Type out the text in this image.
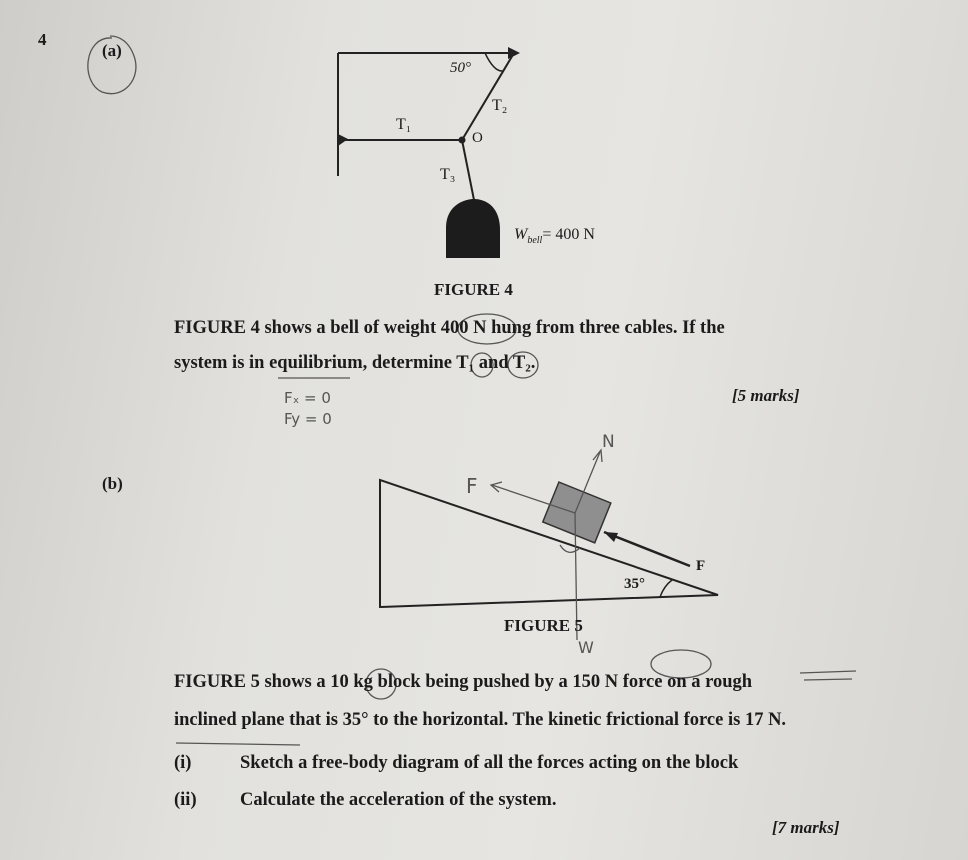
4
(a)
50°
T₂
T₁
O
T₃
$W_{bell}= 400$ N
FIGURE 4
FIGURE 4 shows a bell of weight 400 N hung from three cables. If the
system is in equilibrium, determine T₁ and T₂.
[5 marks]
Fₓ = 0
Fy = 0
(b)
N
F
F
35°
FIGURE 5
W
FIGURE 5 shows a 10 kg block being pushed by a 150 N force on a rough
inclined plane that is 35° to the horizontal. The kinetic frictional force is 17 N.
(i)	Sketch a free-body diagram of all the forces acting on the block
(ii) Calculate the acceleration of the system.
[7 marks]
